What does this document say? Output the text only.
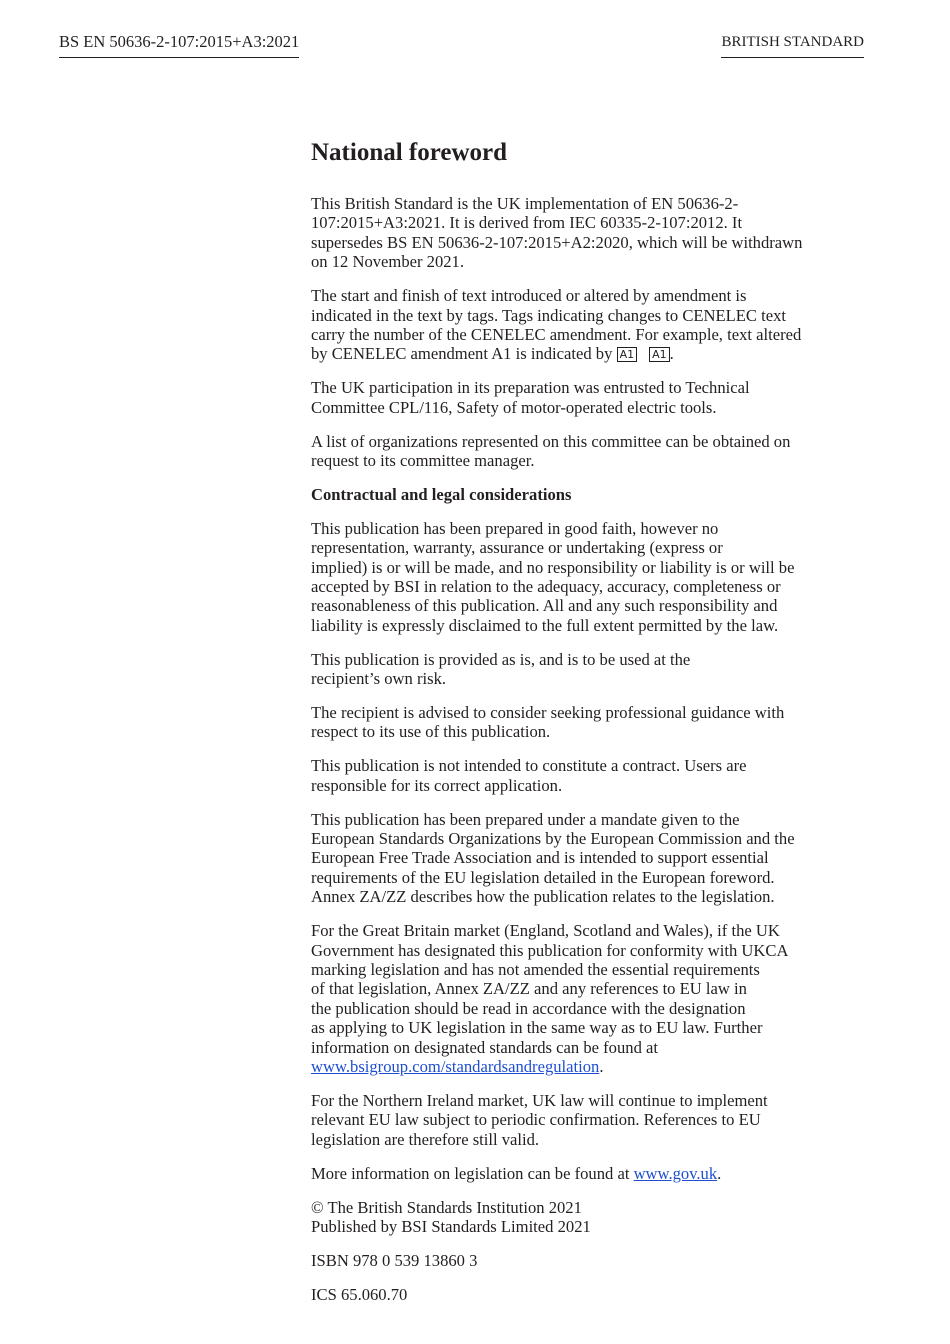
BS EN 50636-2-107:2015+A3:2021	BRITISH STANDARD
National foreword

This British Standard is the UK implementation of EN 50636-2-
107:2015+A3:2021. It is derived from IEC 60335-2-107:2012. It
supersedes BS EN 50636-2-107:2015+A2:2020, which will be withdrawn
on 12 November 2021.

The start and finish of text introduced or altered by amendment is
indicated in the text by tags. Tags indicating changes to CENELEC text
carry the number of the CENELEC amendment. For example, text altered
by CENELEC amendment A1 is indicated by A1 A1 .

The UK participation in its preparation was entrusted to Technical
Committee CPL/116, Safety of motor-operated electric tools.

A list of organizations represented on this committee can be obtained on
request to its committee manager.

Contractual and legal considerations

This publication has been prepared in good faith, however no
representation, warranty, assurance or undertaking (express or
implied) is or will be made, and no responsibility or liability is or will be
accepted by BSI in relation to the adequacy, accuracy, completeness or
reasonableness of this publication. All and any such responsibility and
liability is expressly disclaimed to the full extent permitted by the law.

This publication is provided as is, and is to be used at the
recipient’s own risk.

The recipient is advised to consider seeking professional guidance with
respect to its use of this publication.

This publication is not intended to constitute a contract. Users are
responsible for its correct application.

This publication has been prepared under a mandate given to the
European Standards Organizations by the European Commission and the
European Free Trade Association and is intended to support essential
requirements of the EU legislation detailed in the European foreword.
Annex ZA/ZZ describes how the publication relates to the legislation.

For the Great Britain market (England, Scotland and Wales), if the UK
Government has designated this publication for conformity with UKCA
marking legislation and has not amended the essential requirements
of that legislation, Annex ZA/ZZ and any references to EU law in
the publication should be read in accordance with the designation
as applying to UK legislation in the same way as to EU law. Further
information on designated standards can be found at
www.bsigroup.com/standardsandregulation.

For the Northern Ireland market, UK law will continue to implement
relevant EU law subject to periodic confirmation. References to EU
legislation are therefore still valid.

More information on legislation can be found at www.gov.uk.

© The British Standards Institution 2021
Published by BSI Standards Limited 2021

ISBN 978 0 539 13860 3

ICS 65.060.70
